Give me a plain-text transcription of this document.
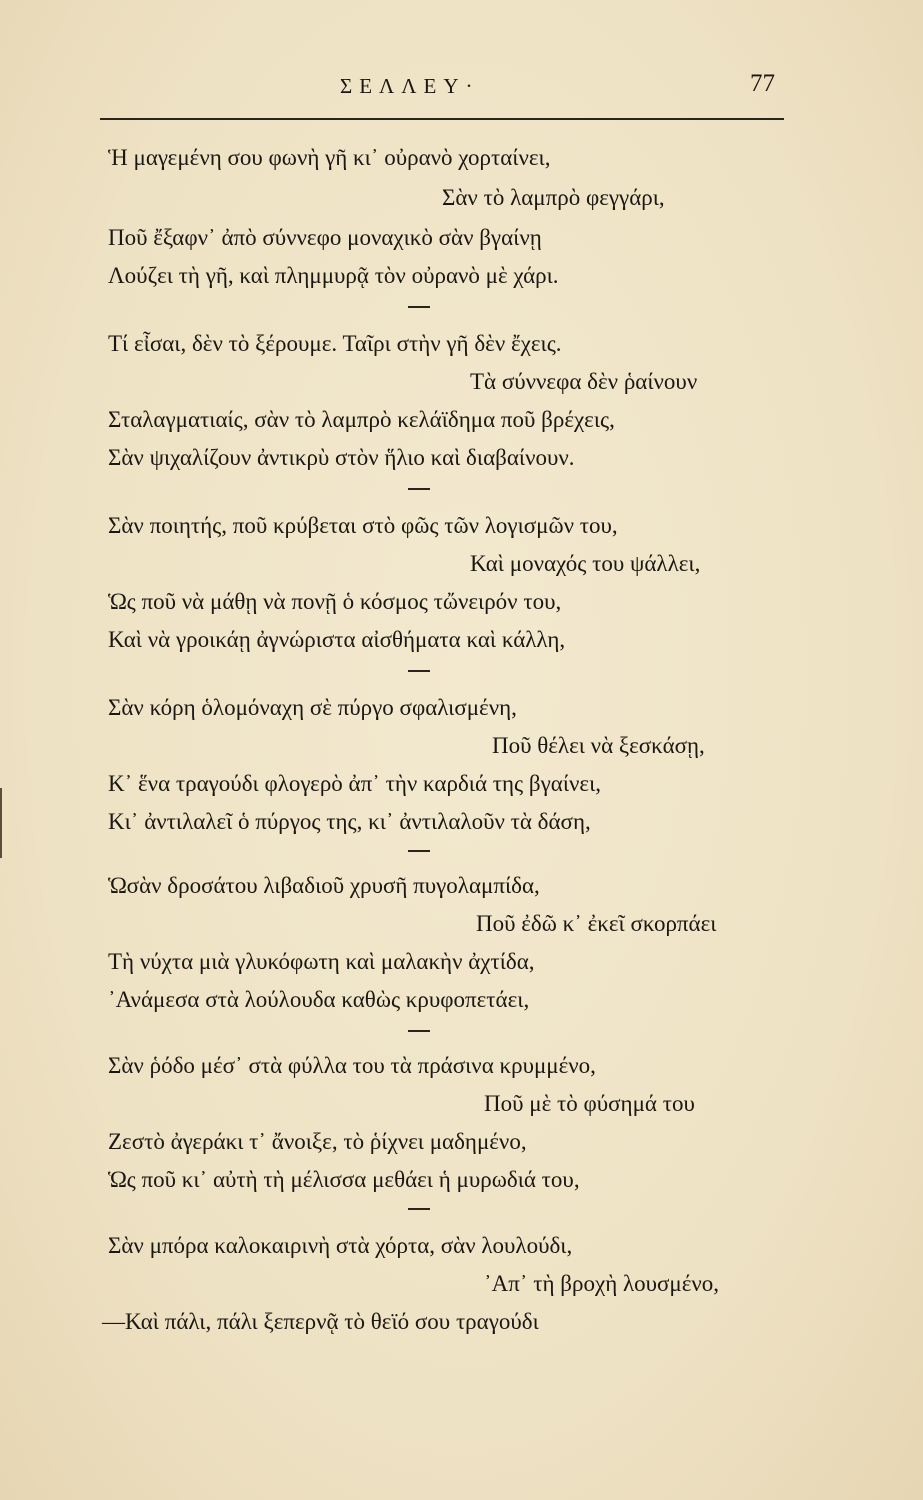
ΣΕΛΛΕΥ·	77
Ἡ μαγεμένη σου φωνὴ γῆ κι᾽ οὐρανὸ χορταίνει,
Σὰν τὸ λαμπρὸ φεγγάρι,
Ποῦ ἔξαφν᾽ ἀπὸ σύννεφο μοναχικὸ σὰν βγαίνῃ
Λούζει τὴ γῆ, καὶ πλημμυρᾷ τὸν οὐρανὸ μὲ χάρι.
Τί εἶσαι, δὲν τὸ ξέρουμε. Ταῖρι στὴν γῆ δὲν ἔχεις.
Τὰ σύννεφα δὲν ῥαίνουν
Σταλαγματιαίς, σὰν τὸ λαμπρὸ κελάϊδημα ποῦ βρέχεις,
Σὰν ψιχαλίζουν ἀντικρὺ στὸν ἥλιο καὶ διαβαίνουν.
Σὰν ποιητής, ποῦ κρύβεται στὸ φῶς τῶν λογισμῶν του,
Καὶ μοναχός του ψάλλει,
Ὡς ποῦ νὰ μάθῃ νὰ πονῇ ὁ κόσμος τὤνειρόν του,
Καὶ νὰ γροικάῃ ἀγνώριστα αἰσθήματα καὶ κάλλη,
Σὰν κόρη ὁλομόναχη σὲ πύργο σφαλισμένη,
Ποῦ θέλει νὰ ξεσκάσῃ,
Κ᾽ ἕνα τραγούδι φλογερὸ ἀπ᾽ τὴν καρδιά της βγαίνει,
Κι᾽ ἀντιλαλεῖ ὁ πύργος της, κι᾽ ἀντιλαλοῦν τὰ δάση,
Ὡσὰν δροσάτου λιβαδιοῦ χρυσῆ πυγολαμπίδα,
Ποῦ ἐδῶ κ᾽ ἐκεῖ σκορπάει
Τὴ νύχτα μιὰ γλυκόφωτη καὶ μαλακὴν ἀχτίδα,
᾽Ανάμεσα στὰ λούλουδα καθὼς κρυφοπετάει,
Σὰν ῥόδο μέσ᾽ στὰ φύλλα του τὰ πράσινα κρυμμένο,
Ποῦ μὲ τὸ φύσημά του
Ζεστὸ ἀγεράκι τ᾽ ἄνοιξε, τὸ ῥίχνει μαδημένο,
Ὡς ποῦ κι᾽ αὐτὴ τὴ μέλισσα μεθάει ἡ μυρωδιά του,
Σὰν μπόρα καλοκαιρινὴ στὰ χόρτα, σὰν λουλούδι,
᾽Απ᾽ τὴ βροχὴ λουσμένο,
—Καὶ πάλι, πάλι ξεπερνᾷ τὸ θεϊό σου τραγούδι
